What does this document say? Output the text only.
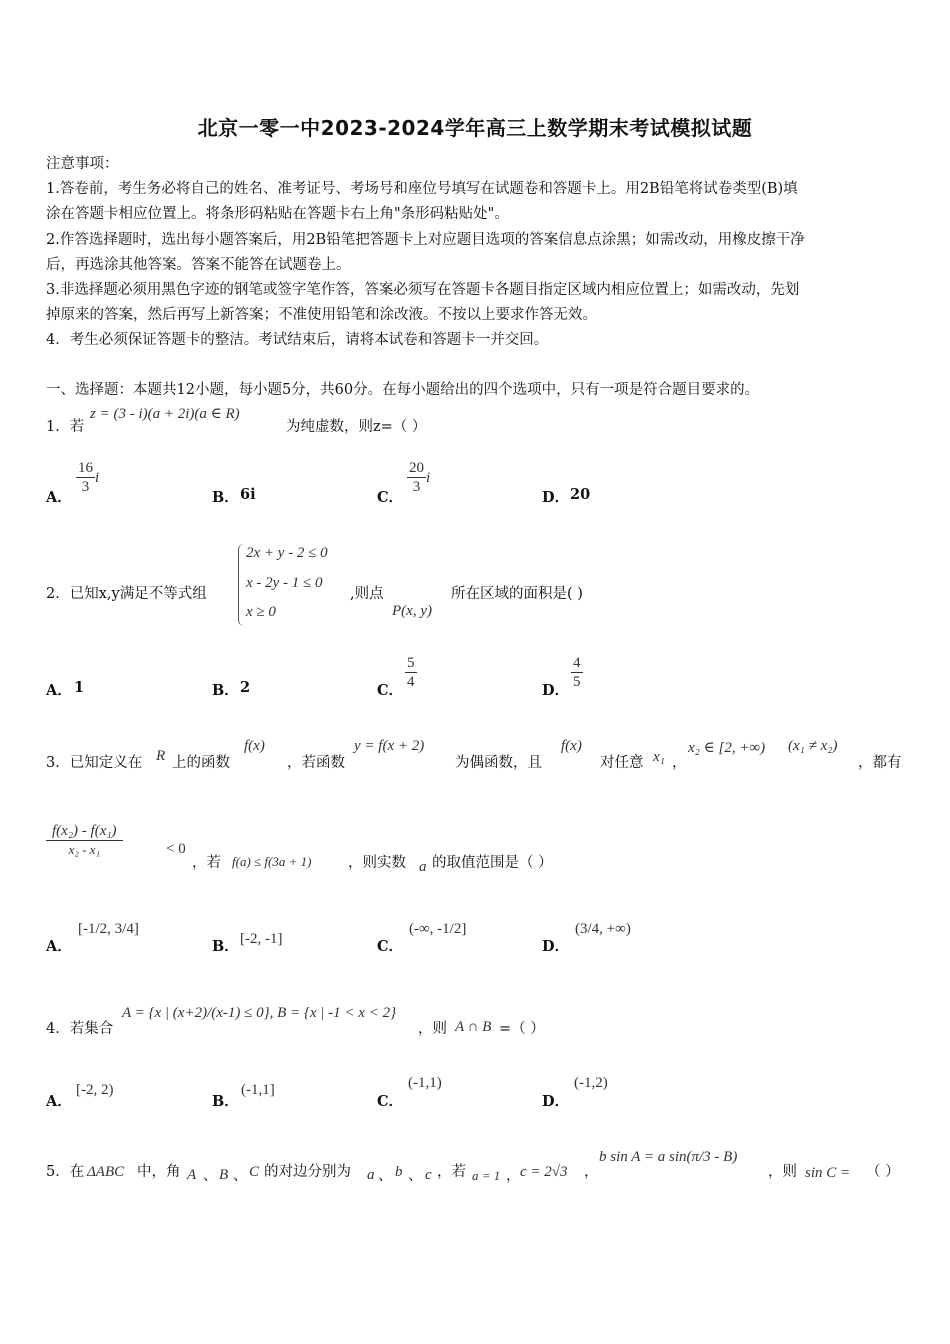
北京一零一中2023-2024学年高三上数学期末考试模拟试题
注意事项：
1.答卷前，考生务必将自己的姓名、准考证号、考场号和座位号填写在试题卷和答题卡上。用2B铅笔将试卷类型(B)填
涂在答题卡相应位置上。将条形码粘贴在答题卡右上角"条形码粘贴处"。
2.作答选择题时，选出每小题答案后，用2B铅笔把答题卡上对应题目选项的答案信息点涂黑；如需改动，用橡皮擦干净
后，再选涂其他答案。答案不能答在试题卷上。
3.非选择题必须用黑色字迹的钢笔或签字笔作答，答案必须写在答题卡各题目指定区域内相应位置上；如需改动，先划
掉原来的答案，然后再写上新答案；不准使用铅笔和涂改液。不按以上要求作答无效。
4．考生必须保证答题卡的整洁。考试结束后，请将本试卷和答题卡一并交回。
一、选择题：本题共12小题，每小题5分，共60分。在每小题给出的四个选项中，只有一项是符合题目要求的。
1．若
z = (3 - i)(a + 2i)(a ∈ R)
为纯虚数，则z=（ ）
A．
$\frac{16}{3}$ i
B． 6i	C．
$\frac{20}{3}$ i
D． 20
2．已知x,y满足不等式组
2x + y - 2 ≤ 0
x - 2y - 1 ≤ 0
x ≥ 0
,则点
P(x, y)
所在区域的面积是( )
A． 1	B． 2	C． $\frac{5}{4}$	D． $\frac{4}{5}$
3．已知定义在 R 上的函数
f(x)
，若函数
y = f(x + 2)
为偶函数，且
f(x)
对任意 x₁ ，
x₂ ∈ [2, +∞) (x₁ ≠ x₂)
，都有
$\frac{\text{f(x₂) - f(x₁)}}{\text{x₂ - x₁}}$	< 0
，若 f(a) ≤ f(3a + 1)	，则实数 a 的取值范围是（ ）
A．
[-1/2, 3/4]
B． [-2, -1]	C．
(-∞, -1/2]
D．
(3/4, +∞)
4．若集合
A = {x | (x+2)/(x-1) ≤ 0}, B = {x | -1 < x < 2}
，则 A ∩ B =（ ）
A．
[-2, 2)
B．
(-1,1]
C．
(-1,1)
D．
(-1,2)
5．在 ΔABC 中，角 A 、 B 、 C 的对边分别为 a 、 b 、 c ，若 a = 1 ， c = 2√3 ，
b sin A = a sin(π/3 - B)
，则 sin C = （ ）
